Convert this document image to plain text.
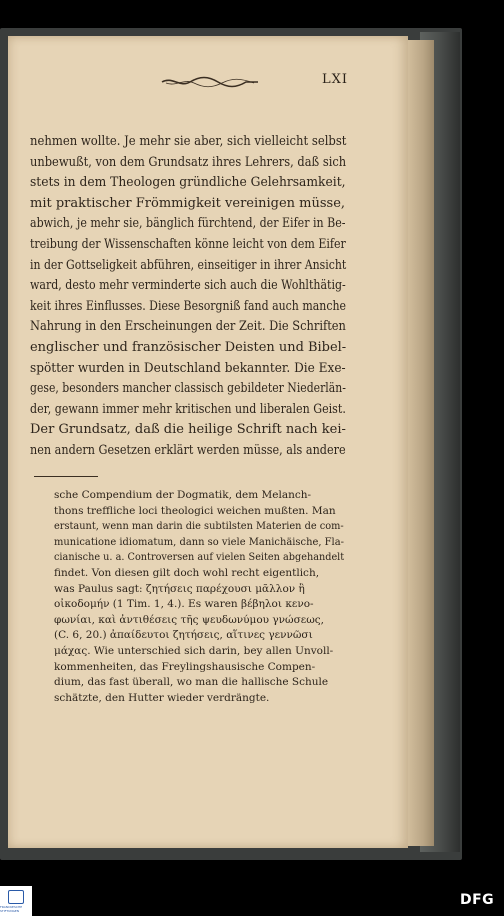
LXI
nehmen wollte. Je mehr sie aber, sich vielleicht selbst
unbewußt, von dem Grundsatz ihres Lehrers, daß sich
stets in dem Theologen gründliche Gelehrsamkeit,
mit praktischer Frömmigkeit vereinigen müsse,
abwich, je mehr sie, bänglich fürchtend, der Eifer in Be-
treibung der Wissenschaften könne leicht von dem Eifer
in der Gottseligkeit abführen, einseitiger in ihrer Ansicht
ward, desto mehr verminderte sich auch die Wohlthätig-
keit ihres Einflusses. Diese Besorgniß fand auch manche
Nahrung in den Erscheinungen der Zeit. Die Schriften
englischer und französischer Deisten und Bibel-
spötter wurden in Deutschland bekannter. Die Exe-
gese, besonders mancher classisch gebildeter Niederlän-
der, gewann immer mehr kritischen und liberalen Geist.
Der Grundsatz, daß die heilige Schrift nach kei-
nen andern Gesetzen erklärt werden müsse, als andere
sche Compendium der Dogmatik, dem Melanch-
thons treffliche loci theologici weichen mußten. Man
erstaunt, wenn man darin die subtilsten Materien de com-
municatione idiomatum, dann so viele Manichäische, Fla-
cianische u. a. Controversen auf vielen Seiten abgehandelt
findet. Von diesen gilt doch wohl recht eigentlich,
was Paulus sagt: ζητήσεις παρέχουσι μᾶλλον ἢ
οἰκοδομήν (1 Tim. 1, 4.). Es waren βέβηλοι κενο-
φωνίαι, καὶ ἀντιθέσεις τῆς ψευδωνύμου γνώσεως,
(C. 6, 20.) ἀπαίδευτοι ζητήσεις, αἵτινες γεννῶσι
μάχας. Wie unterschied sich darin, bey allen Unvoll-
kommenheiten, das Freylingshausische Compen-
dium, das fast überall, wo man die hallische Schule
schätzte, den Hutter wieder verdrängte.
FRANCKESCHE STIFTUNGEN
DFG
